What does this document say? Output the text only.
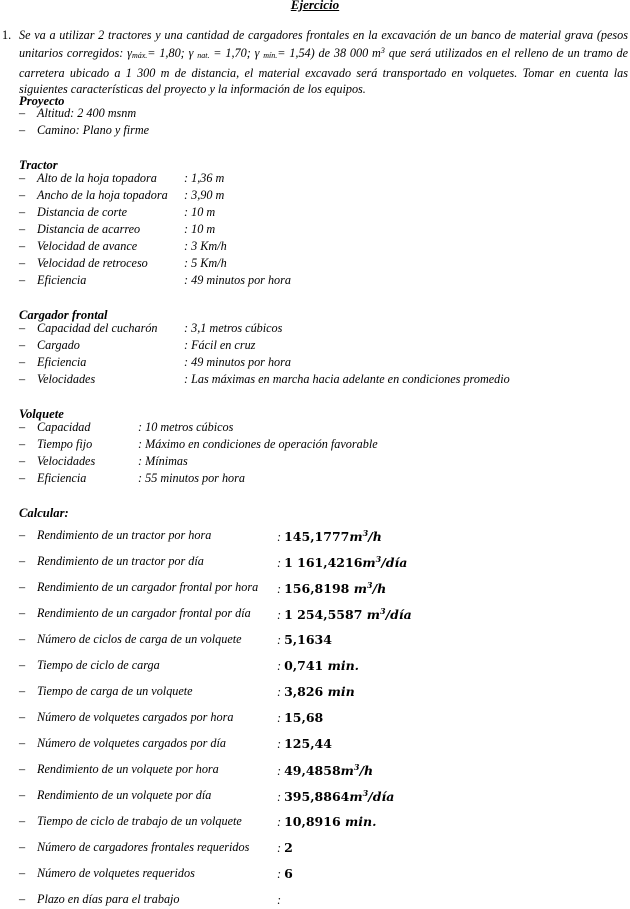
Ejercicio
1. Se va a utilizar 2 tractores y una cantidad de cargadores frontales en la excavación de un banco de material grava (pesos unitarios corregidos: $\gamma_{máx.}= 1,80$; γ $_{nat.}$ = 1,70; γ $_{mín.}$= 1,54) de 38 000 $m^3$ que será utilizados en el relleno de un tramo de carretera ubicado a 1 300 m de distancia, el material excavado será transportado en volquetes. Tomar en cuenta las siguientes características del proyecto y la información de los equipos.
Proyecto
– Altitud: 2 400 msnm
– Camino: Plano y firme
Tractor
– Alto de la hoja topadora : 1,36 m
– Ancho de la hoja topadora : 3,90 m
– Distancia de corte	: 10 m
– Distancia de acarreo	: 10 m
– Velocidad de avance	: 3 Km/h
– Velocidad de retroceso	: 5 Km/h
– Eficiencia	: 49 minutos por hora
Cargador frontal
– Capacidad del cucharón : 3,1 metros cúbicos
– Cargado	: Fácil en cruz
– Eficiencia	: 49 minutos por hora
– Velocidades	: Las máximas en marcha hacia adelante en condiciones promedio
Volquete
– Capacidad	: 10 metros cúbicos
– Tiempo fijo	: Máximo en condiciones de operación favorable
– Velocidades	: Mínimas
– Eficiencia	: 55 minutos por hora
Calcular:
– Rendimiento de un tractor por hora	: $145,1777m^3/h$
– Rendimiento de un tractor por día	: 1 $161,4216m^3$/día
– Rendimiento de un cargador frontal por hora : 156,8198 $m^3/h$
– Rendimiento de un cargador frontal por día : 1 254,5587 $m^3$/día
– Número de ciclos de carga de un volquete	: 5,1634
– Tiempo de ciclo de carga	: 0,741 min.
– Tiempo de carga de un volquete	: 3,826 min
– Número de volquetes cargados por hora	: 15,68
– Número de volquetes cargados por día	: 125,44
– Rendimiento de un volquete por hora	: $49,4858m^3/h$
– Rendimiento de un volquete por día	: $395,8864m^3$/día
– Tiempo de ciclo de trabajo de un volquete	: 10,8916 min.
– Número de cargadores frontales requeridos : 2
– Número de volquetes requeridos	: 6
– Plazo en días para el trabajo	:
